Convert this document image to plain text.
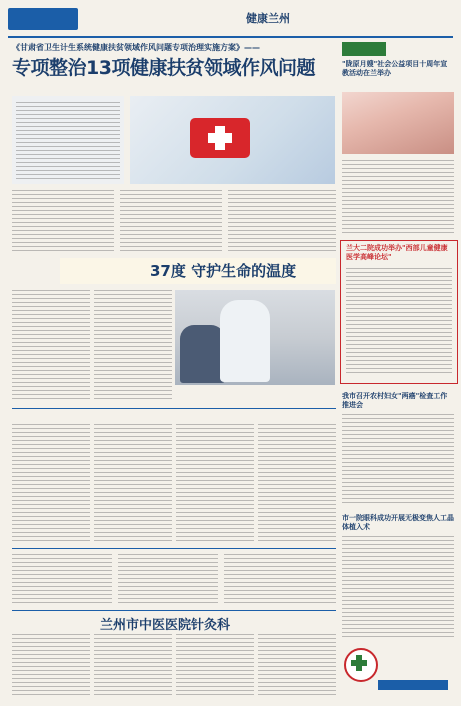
健康兰州
《甘肃省卫生计生系统健康扶贫领域作风问题专项治理实施方案》——
专项整治13项健康扶贫领域作风问题
37度 守护生命的温度
兰州市中医医院针灸科
"陇原月嫂"社会公益项目十周年宣教活动在兰举办
兰大二院成功举办"西部儿童健康医学高峰论坛"
我市召开农村妇女"两癌"检查工作推进会
市一院眼科成功开展无极变焦人工晶体植入术
